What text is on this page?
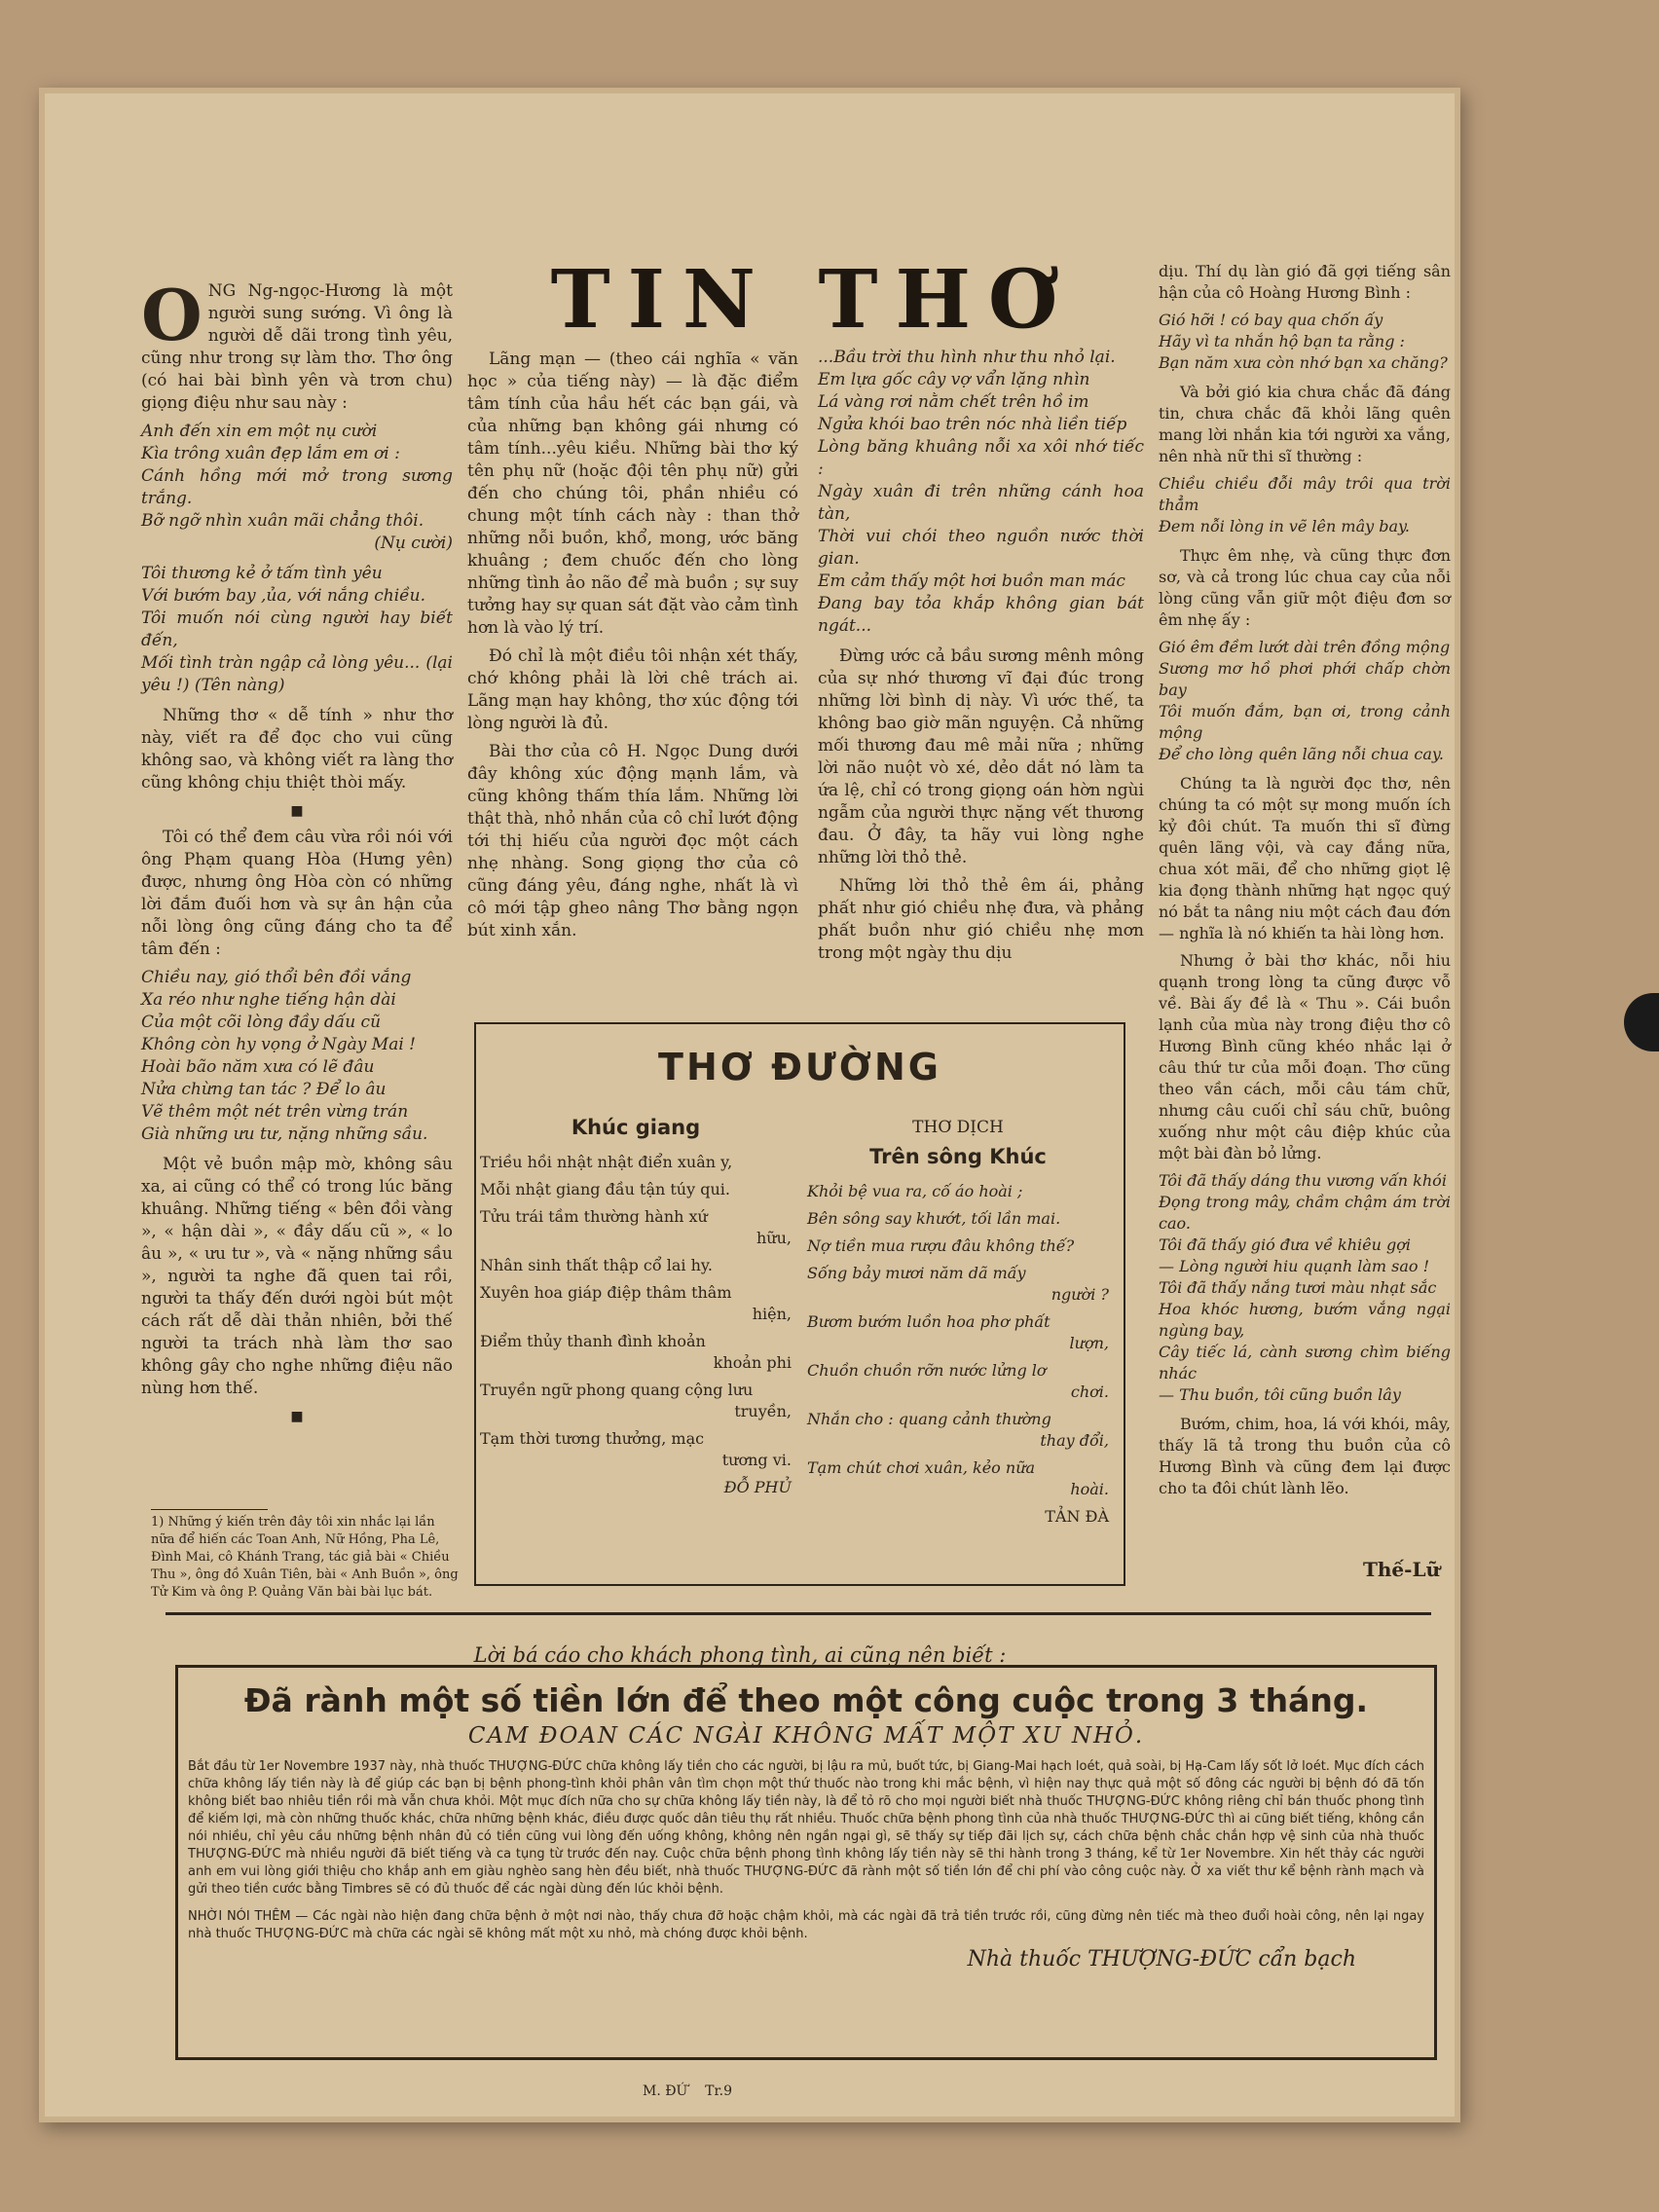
TIN THƠ
O NG Ng-ngọc-Hương là một người sung sướng. Vì ông là người dễ dãi trong tình yêu, cũng như trong sự làm thơ. Thơ ông (có hai bài bình yên và trơn chu) giọng điệu như sau này :

Anh đến xin em một nụ cười
Kìa trông xuân đẹp lắm em ơi :
Cánh hồng mới mở trong sương trắng.
Bỡ ngỡ nhìn xuân mãi chẳng thôi.
(Nụ cười)
Tôi thương kẻ ở tấm tình yêu
Với bướm bay ,ủa, với nắng chiều.
Tôi muốn nói cùng người hay biết đến,
Mối tình tràn ngập cả lòng yêu... (lại yêu !) (Tên nàng)

Những thơ « dễ tính » như thơ này, viết ra để đọc cho vui cũng không sao, và không viết ra làng thơ cũng không chịu thiệt thòi mấy.

■

Tôi có thể đem câu vừa rồi nói với ông Phạm quang Hòa (Hưng yên) được, nhưng ông Hòa còn có những lời đắm đuối hơn và sự ân hận của nỗi lòng ông cũng đáng cho ta để tâm đến :

Chiều nay, gió thổi bên đồi vắng
Xa réo như nghe tiếng hận dài
Của một cõi lòng đầy dấu cũ
Không còn hy vọng ở Ngày Mai !
Hoài bão năm xưa có lẽ đâu
Nửa chừng tan tác ? Để lo âu
Vẽ thêm một nét trên vừng trán
Già những ưu tư, nặng những sầu.

Một vẻ buồn mập mờ, không sâu xa, ai cũng có thể có trong lúc băng khuâng. Những tiếng « bên đồi vàng », « hận dài », « đầy dấu cũ », « lo âu », « ưu tư », và « nặng những sầu », người ta nghe đã quen tai rồi, người ta thấy đến dưới ngòi bút một cách rất dễ dài thản nhiên, bởi thế người ta trách nhà làm thơ sao không gây cho nghe những điệu não nùng hơn thế.

■
1) Những ý kiến trên đây tôi xin nhắc lại lần nữa để hiến các Toan Anh, Nữ Hồng, Pha Lê, Đình Mai, cô Khánh Trang, tác giả bài « Chiều Thu », ông đồ Xuân Tiên, bài « Anh Buồn », ông Tử Kim và ông P. Quảng Văn bài bài lục bát.

Lãng mạn — (theo cái nghĩa « văn học » của tiếng này) — là đặc điểm tâm tính của hầu hết các bạn gái, và của những bạn không gái nhưng có tâm tính...yêu kiều. Những bài thơ ký tên phụ nữ (hoặc đội tên phụ nữ) gửi đến cho chúng tôi, phần nhiều có chung một tính cách này : than thở những nỗi buồn, khổ, mong, ước băng khuâng ; đem chuốc đến cho lòng những tình ảo não để mà buồn ; sự suy tưởng hay sự quan sát đặt vào cảm tình hơn là vào lý trí.

Đó chỉ là một điều tôi nhận xét thấy, chớ không phải là lời chê trách ai. Lãng mạn hay không, thơ xúc động tới lòng người là đủ.

Bài thơ của cô H. Ngọc Dung dưới đây không xúc động mạnh lắm, và cũng không thấm thía lắm. Những lời thật thà, nhỏ nhắn của cô chỉ lướt động tới thị hiếu của người đọc một cách nhẹ nhàng. Song giọng thơ của cô cũng đáng yêu, đáng nghe, nhất là vì cô mới tập gheo nâng Thơ bằng ngọn bút xinh xắn.

...Bầu trời thu hình như thu nhỏ lại.
Em lựa gốc cây vợ vẩn lặng nhìn
Lá vàng rơi nằm chết trên hồ im
Ngửa khói bao trên nóc nhà liền tiếp
Lòng băng khuâng nỗi xa xôi nhớ tiếc :
Ngày xuân đi trên những cánh hoa tàn,
Thời vui chói theo nguồn nước thời gian.
Em cảm thấy một hơi buồn man mác
Đang bay tỏa khắp không gian bát ngát...

Đừng ước cả bầu sương mênh mông của sự nhớ thương vĩ đại đúc trong những lời bình dị này. Vì ước thế, ta không bao giờ mãn nguyện. Cả những mối thương đau mê mải nữa ; những lời não nuột vò xé, dẻo dắt nó làm ta ứa lệ, chỉ có trong giọng oán hờn ngùi ngẫm của người thực nặng vết thương đau. Ở đây, ta hãy vui lòng nghe những lời thỏ thẻ.

Những lời thỏ thẻ êm ái, phảng phất như gió chiều nhẹ đưa, và phảng phất buồn như gió chiều nhẹ mơn trong một ngày thu dịu

dịu. Thí dụ làn gió đã gợi tiếng sân hận của cô Hoàng Hương Bình :

Gió hỡi ! có bay qua chốn ấy
Hãy vì ta nhắn hộ bạn ta rằng :
Bạn năm xưa còn nhớ bạn xa chăng?

Và bởi gió kia chưa chắc đã đáng tin, chưa chắc đã khỏi lãng quên mang lời nhắn kia tới người xa vắng, nên nhà nữ thi sĩ thường :

Chiều chiều đỗi mây trôi qua trời thẳm
Đem nỗi lòng in vẽ lên mây bay.

Thực êm nhẹ, và cũng thực đơn sơ, và cả trong lúc chua cay của nỗi lòng cũng vẫn giữ một điệu đơn sơ êm nhẹ ấy :

Gió êm đềm lướt dài trên đồng mộng
Sương mơ hồ phơi phới chấp chờn bay
Tôi muốn đắm, bạn ơi, trong cảnh mộng
Để cho lòng quên lãng nỗi chua cay.

Chúng ta là người đọc thơ, nên chúng ta có một sự mong muốn ích kỷ đôi chút. Ta muốn thi sĩ đừng quên lãng vội, và cay đắng nữa, chua xót mãi, để cho những giọt lệ kia đọng thành những hạt ngọc quý nó bắt ta nâng niu một cách đau đớn — nghĩa là nó khiến ta hài lòng hơn.

Nhưng ở bài thơ khác, nỗi hiu quạnh trong lòng ta cũng được vỗ về. Bài ấy đề là « Thu ». Cái buồn lạnh của mùa này trong điệu thơ cô Hương Bình cũng khéo nhắc lại ở câu thứ tư của mỗi đoạn. Thơ cũng theo vần cách, mỗi câu tám chữ, nhưng câu cuối chỉ sáu chữ, buông xuống như một câu điệp khúc của một bài đàn bỏ lửng.

Tôi đã thấy dáng thu vương vấn khói
Đọng trong mây, chầm chậm ám trời cao.
Tôi đã thấy gió đưa về khiêu gợi
— Lòng người hiu quạnh làm sao !
Tôi đã thấy nắng tươi màu nhạt sắc
Hoa khóc hương, bướm vắng ngại ngùng bay,
Cây tiếc lá, cành sương chìm biếng nhác
— Thu buồn, tôi cũng buồn lây

Bướm, chim, hoa, lá với khói, mây, thấy lã tả trong thu buồn của cô Hương Bình và cũng đem lại được cho ta đôi chút lành lẽo.

Thế-Lữ
THƠ ĐƯỜNG
Khúc giang
Triều hồi nhật nhật điển xuân y,
Mỗi nhật giang đầu tận túy qui.
Tửu trái tầm thường hành xứ
hữu,
Nhân sinh thất thập cổ lai hy.
Xuyên hoa giáp điệp thâm thâm
hiện,
Điểm thủy thanh đình khoản
khoản phi
Truyền ngữ phong quang cộng lưu
truyền,
Tạm thời tương thưởng, mạc
tương vi.
ĐỖ PHỦ
THƠ DỊCH
Trên sông Khúc
Khỏi bệ vua ra, cố áo hoài ;
Bên sông say khướt, tối lần mai.
Nợ tiền mua rượu đâu không thế?
Sống bảy mươi năm dã mấy
người ?
Bươm bướm luồn hoa phơ phất
lượn,
Chuồn chuồn rỡn nước lửng lơ
chơi.
Nhắn cho : quang cảnh thường
thay đổi,
Tạm chút chơi xuân, kẻo nữa
hoài.
TẢN ĐÀ
Lời bá cáo cho khách phong tình, ai cũng nên biết :
Đã rành một số tiền lớn để theo một công cuộc trong 3 tháng.
CAM ĐOAN CÁC NGÀI KHÔNG MẤT MỘT XU NHỎ.
Bắt đầu từ 1er Novembre 1937 này, nhà thuốc THƯỢNG-ĐỨC chữa không lấy tiền cho các người, bị lậu ra mủ, buốt tức, bị Giang-Mai hạch loét, quả soài, bị Hạ-Cam lấy sốt lở loét. Mục đích cách chữa không lấy tiền này là để giúp các bạn bị bệnh phong-tình khỏi phân vân tìm chọn một thứ thuốc nào trong khi mắc bệnh, vì hiện nay thực quả một số đông các người bị bệnh đó đã tốn không biết bao nhiêu tiền rồi mà vẫn chưa khỏi. Một mục đích nữa cho sự chữa không lấy tiền này, là để tỏ rõ cho mọi người biết nhà thuốc THƯỢNG-ĐỨC không riêng chỉ bán thuốc phong tình để kiếm lợi, mà còn những thuốc khác, chữa những bệnh khác, điều được quốc dân tiêu thụ rất nhiều. Thuốc chữa bệnh phong tình của nhà thuốc THƯỢNG-ĐỨC thì ai cũng biết tiếng, không cần nói nhiều, chỉ yêu cầu những bệnh nhân đủ có tiền cũng vui lòng đến uống không, không nên ngần ngại gì, sẽ thấy sự tiếp đãi lịch sự, cách chữa bệnh chắc chắn hợp vệ sinh của nhà thuốc THƯỢNG-ĐỨC mà nhiều người đã biết tiếng và ca tụng từ trước đến nay. Cuộc chữa bệnh phong tình không lấy tiền này sẽ thi hành trong 3 tháng, kể từ 1er Novembre. Xin hết thảy các người anh em vui lòng giới thiệu cho khắp anh em giàu nghèo sang hèn đều biết, nhà thuốc THƯỢNG-ĐỨC đã rành một số tiền lớn để chi phí vào công cuộc này. Ở xa viết thư kể bệnh rành mạch và gửi theo tiền cước bằng Timbres sẽ có đủ thuốc để các ngài dùng đến lúc khỏi bệnh.
NHỜI NÓI THÊM — Các ngài nào hiện đang chữa bệnh ở một nơi nào, thấy chưa đỡ hoặc chậm khỏi, mà các ngài đã trả tiền trước rồi, cũng đừng nên tiếc mà theo đuổi hoài công, nên lại ngay nhà thuốc THƯỢNG-ĐỨC mà chữa các ngài sẽ không mất một xu nhỏ, mà chóng được khỏi bệnh.
Nhà thuốc THƯỢNG-ĐỨC cẩn bạch
M. ĐỨ Tr.9
